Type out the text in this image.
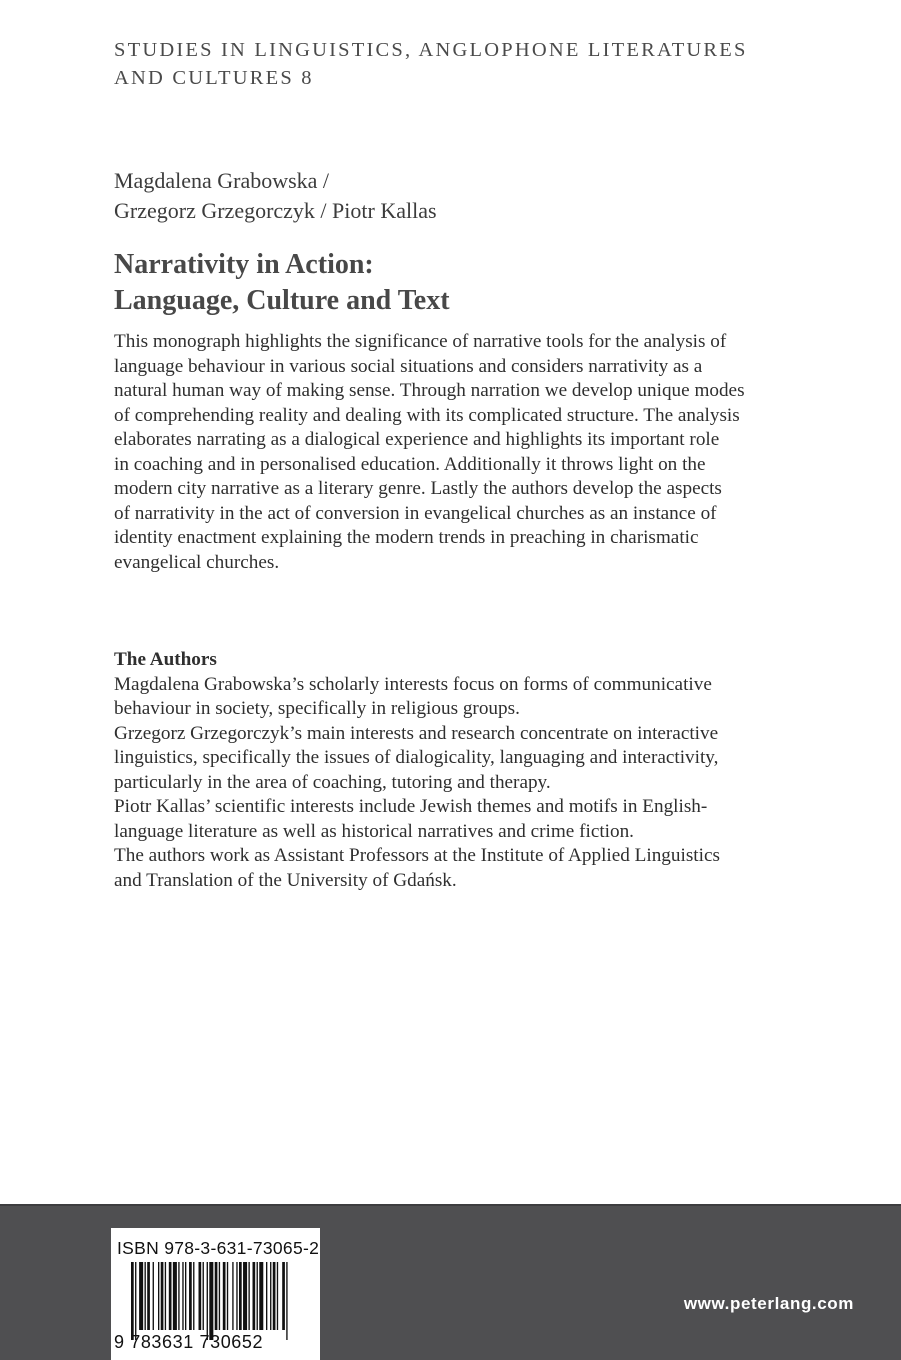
STUDIES IN LINGUISTICS, ANGLOPHONE LITERATURES
AND CULTURES 8
Magdalena Grabowska /
Grzegorz Grzegorczyk / Piotr Kallas
Narrativity in Action:
Language, Culture and Text
This monograph highlights the significance of narrative tools for the analysis of
language behaviour in various social situations and considers narrativity as a
natural human way of making sense. Through narration we develop unique modes
of comprehending reality and dealing with its complicated structure. The analysis
elaborates narrating as a dialogical experience and highlights its important role
in coaching and in personalised education. Additionally it throws light on the
modern city narrative as a literary genre. Lastly the authors develop the aspects
of narrativity in the act of conversion in evangelical churches as an instance of
identity enactment explaining the modern trends in preaching in charismatic
evangelical churches.
The Authors
Magdalena Grabowska’s scholarly interests focus on forms of communicative
behaviour in society, specifically in religious groups.
Grzegorz Grzegorczyk’s main interests and research concentrate on interactive
linguistics, specifically the issues of dialogicality, languaging and interactivity,
particularly in the area of coaching, tutoring and therapy.
Piotr Kallas’ scientific interests include Jewish themes and motifs in English-
language literature as well as historical narratives and crime fiction.
The authors work as Assistant Professors at the Institute of Applied Linguistics
and Translation of the University of Gdańsk.
ISBN 978-3-631-73065-2
9 783631 730652
www.peterlang.com
